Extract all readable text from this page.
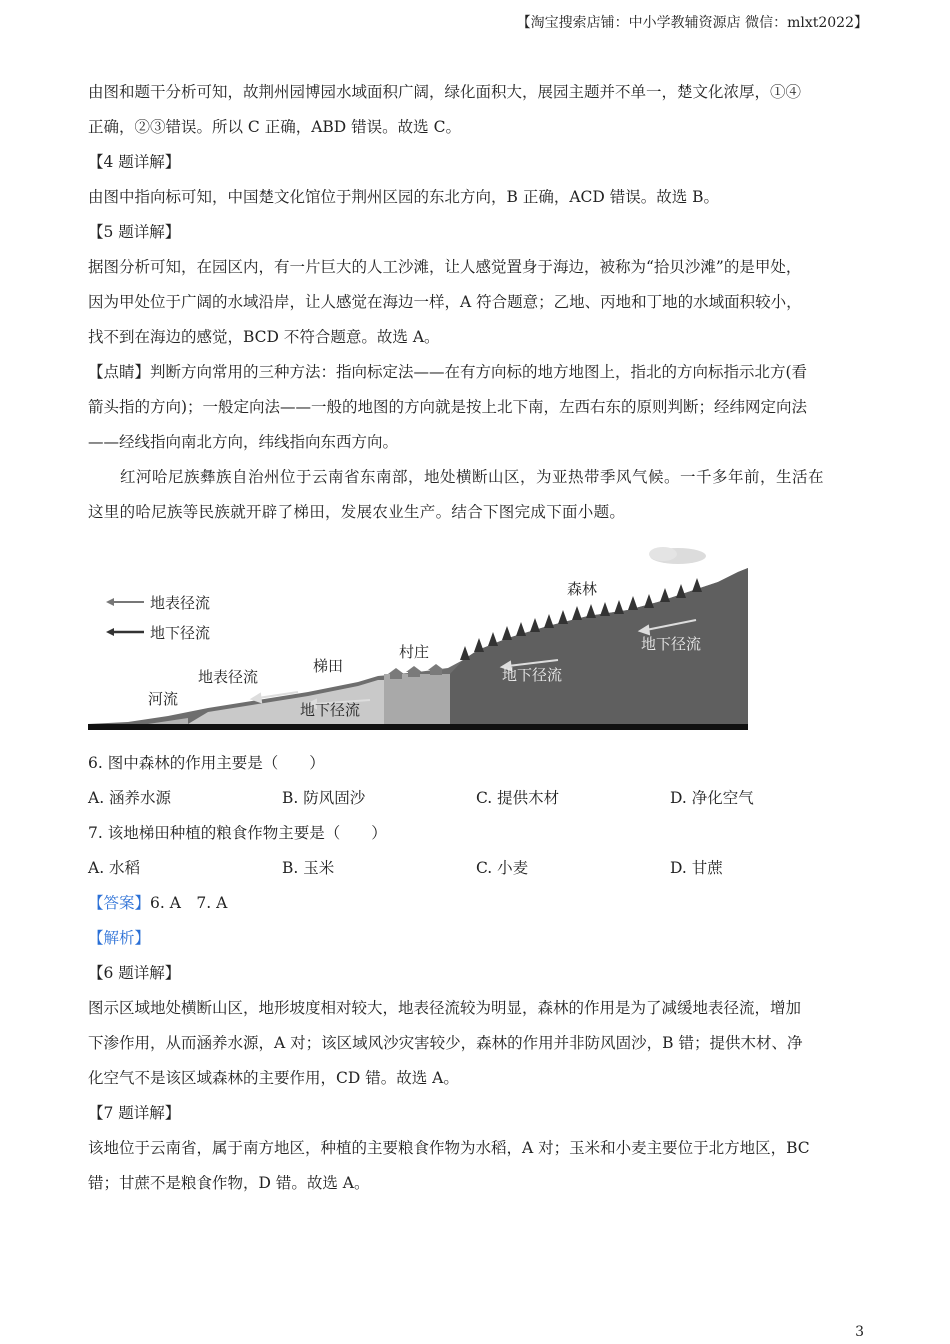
【淘宝搜索店铺：中小学教辅资源店 微信：mlxt2022】

由图和题干分析可知，故荆州园博园水域面积广阔，绿化面积大，展园主题并不单一，楚文化浓厚，①④

正确，②③错误。所以 C 正确，ABD 错误。故选 C。

【4 题详解】

由图中指向标可知，中国楚文化馆位于荆州区园的东北方向，B 正确，ACD 错误。故选 B。

【5 题详解】

据图分析可知，在园区内，有一片巨大的人工沙滩，让人感觉置身于海边，被称为“拾贝沙滩”的是甲处，

因为甲处位于广阔的水域沿岸，让人感觉在海边一样，A 符合题意；乙地、丙地和丁地的水域面积较小，

找不到在海边的感觉，BCD 不符合题意。故选 A。

【点睛】判断方向常用的三种方法：指向标定法——在有方向标的地方地图上，指北的方向标指示北方(看

箭头指的方向)；一般定向法——一般的地图的方向就是按上北下南，左西右东的原则判断；经纬网定向法

——经线指向南北方向，纬线指向东西方向。

红河哈尼族彝族自治州位于云南省东南部，地处横断山区，为亚热带季风气候。一千多年前，生活在

这里的哈尼族等民族就开辟了梯田，发展农业生产。结合下图完成下面小题。

地表径流
地下径流
森林
村庄
梯田
河流
地表径流
地下径流
地下径流
地下径流

6. 图中森林的作用主要是（　　）

A. 涵养水源	B. 防风固沙	C. 提供木材	D. 净化空气

7. 该地梯田种植的粮食作物主要是（　　）

A. 水稻	B. 玉米	C. 小麦	D. 甘蔗

【答案】6. A　7. A

【解析】

【6 题详解】

图示区域地处横断山区，地形坡度相对较大，地表径流较为明显，森林的作用是为了减缓地表径流，增加

下渗作用，从而涵养水源，A 对；该区域风沙灾害较少，森林的作用并非防风固沙，B 错；提供木材、净

化空气不是该区域森林的主要作用，CD 错。故选 A。

【7 题详解】

该地位于云南省，属于南方地区，种植的主要粮食作物为水稻，A 对；玉米和小麦主要位于北方地区，BC

错；甘蔗不是粮食作物，D 错。故选 A。

3
